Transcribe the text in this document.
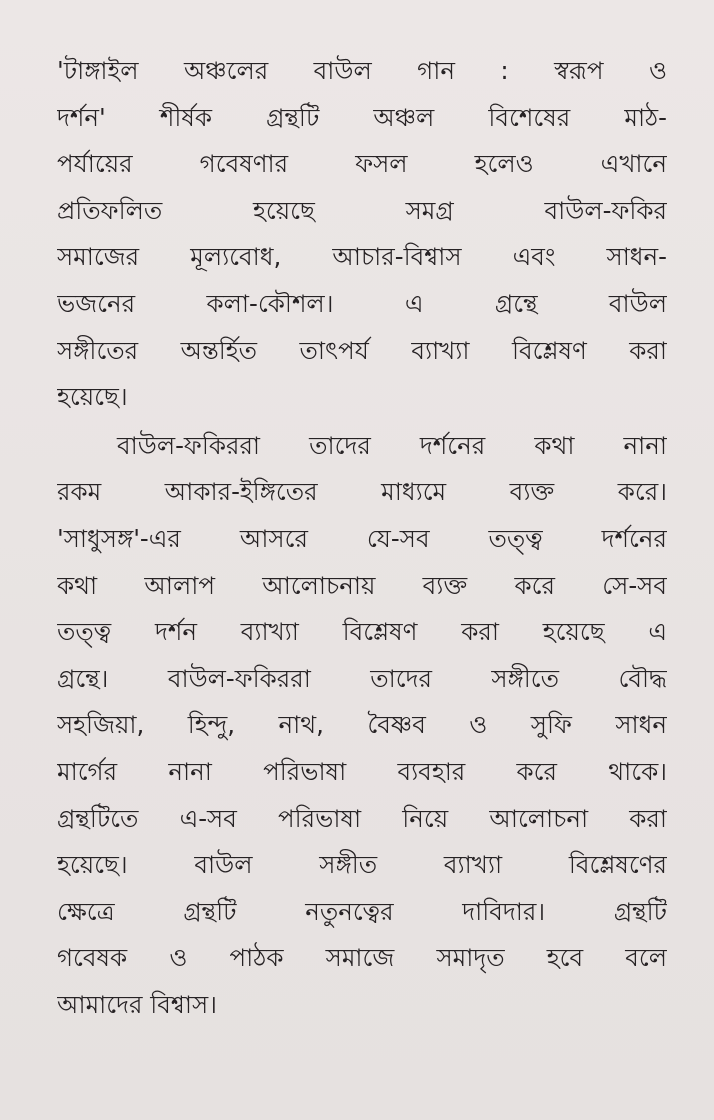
'টাঙ্গাইল অঞ্চলের বাউল গান : স্বরূপ ও
দর্শন' শীর্ষক গ্রন্থটি অঞ্চল বিশেষের মাঠ-
পর্যায়ের গবেষণার ফসল হলেও এখানে
প্রতিফলিত হয়েছে সমগ্র বাউল-ফকির
সমাজের মূল্যবোধ, আচার-বিশ্বাস এবং সাধন-
ভজনের কলা-কৌশল। এ গ্রন্থে বাউল
সঙ্গীতের অন্তর্হিত তাৎপর্য ব্যাখ্যা বিশ্লেষণ করা
হয়েছে।
বাউল-ফকিররা তাদের দর্শনের কথা নানা
রকম আকার-ইঙ্গিতের মাধ্যমে ব্যক্ত করে।
'সাধুসঙ্গ'-এর আসরে যে-সব তত্ত্ব দর্শনের
কথা আলাপ আলোচনায় ব্যক্ত করে সে-সব
তত্ত্ব দর্শন ব্যাখ্যা বিশ্লেষণ করা হয়েছে এ
গ্রন্থে। বাউল-ফকিররা তাদের সঙ্গীতে বৌদ্ধ
সহজিয়া, হিন্দু, নাথ, বৈষ্ণব ও সুফি সাধন
মার্গের নানা পরিভাষা ব্যবহার করে থাকে।
গ্রন্থটিতে এ-সব পরিভাষা নিয়ে আলোচনা করা
হয়েছে। বাউল সঙ্গীত ব্যাখ্যা বিশ্লেষণের
ক্ষেত্রে গ্রন্থটি নতুনত্বের দাবিদার। গ্রন্থটি
গবেষক ও পাঠক সমাজে সমাদৃত হবে বলে
আমাদের বিশ্বাস।
